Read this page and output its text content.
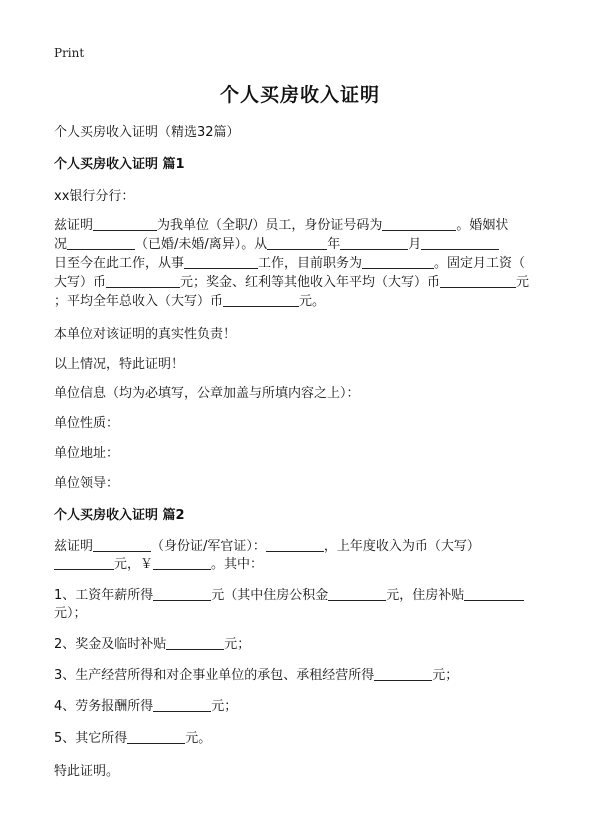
Print
个人买房收入证明
个人买房收入证明（精选32篇）
个人买房收入证明 篇1
xx银行分行：
兹证明	为我单位（全职/）员工，身份证号码为	。婚姻状
况	（已婚/未婚/离异）。从	年	月
日至今在此工作，从事	工作，目前职务为	。固定月工资（
大写）币	元；奖金、红利等其他收入年平均（大写）币	元
；平均全年总收入（大写）币	元。
本单位对该证明的真实性负责！
以上情况，特此证明！
单位信息（均为必填写，公章加盖与所填内容之上）：
单位性质：
单位地址：
单位领导：
个人买房收入证明 篇2
兹证明	（身份证/军官证）：	，上年度收入为币（大写）
元，￥	。其中：
1、工资年薪所得	元（其中住房公积金	元，住房补贴
元）；
2、奖金及临时补贴	元；
3、生产经营所得和对企事业单位的承包、承租经营所得	元；
4、劳务报酬所得	元；
5、其它所得	元。
特此证明。
